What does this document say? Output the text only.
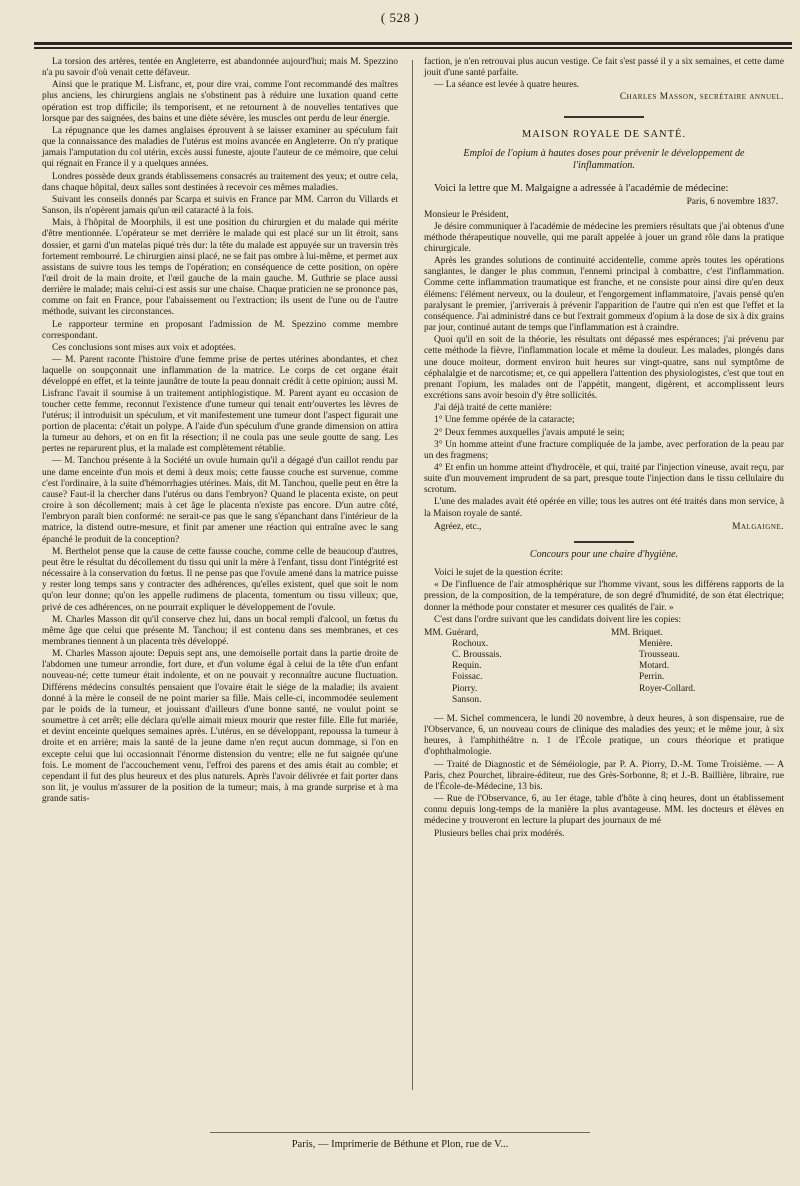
( 528 )

La torsion des artères, tentée en Angleterre, est abandonnée aujourd'hui; mais M. Spezzino n'a pu savoir d'où venait cette défaveur.

Ainsi que le pratique M. Lisfranc, et, pour dire vrai, comme l'ont recommandé des maîtres plus anciens, les chirurgiens anglais ne s'obstinent pas à réduire une luxation quand cette opération est trop difficile; ils temporisent, et ne retournent à de nouvelles tentatives que lorsque par des saignées, des bains et une diète sévère, les muscles ont perdu de leur énergie.

La répugnance que les dames anglaises éprouvent à se laisser examiner au spéculum fait que la connaissance des maladies de l'utérus est moins avancée en Angleterre. On n'y pratique jamais l'amputation du col utérin, excès aussi funeste, ajoute l'auteur de ce mémoire, que celui qui régnait en France il y a quelques années.

Londres possède deux grands établissemens consacrés au traitement des yeux; et outre cela, dans chaque hôpital, deux salles sont destinées à recevoir ces mêmes maladies.

Suivant les conseils donnés par Scarpa et suivis en France par MM. Carron du Villards et Sanson, ils n'opèrent jamais qu'un œil cataracté à la fois.

Mais, à l'hôpital de Moorphils, il est une position du chirurgien et du malade qui mérite d'être mentionnée. L'opérateur se met derrière le malade qui est placé sur un lit étroit, sans dossier, et garni d'un matelas piqué très dur: la tête du malade est appuyée sur un traversin très fortement rembourré. Le chirurgien ainsi placé, ne se fait pas ombre à lui-même, et permet aux assistans de suivre tous les temps de l'opération; en conséquence de cette position, on opère l'œil droit de la main droite, et l'œil gauche de la main gauche. M. Guthrie se place aussi derrière le malade; mais celui-ci est assis sur une chaise. Chaque praticien ne se prononce pas, comme on fait en France, pour l'abaissement ou l'extraction; ils usent de l'une ou de l'autre méthode, suivant les circonstances.

Le rapporteur termine en proposant l'admission de M. Spezzino comme membre correspondant.

Ces conclusions sont mises aux voix et adoptées.

— M. Parent raconte l'histoire d'une femme prise de pertes utérines abondantes, et chez laquelle on soupçonnait une inflammation de la matrice. Le corps de cet organe était développé en effet, et la teinte jaunâtre de toute la peau donnait crédit à cette opinion; aussi M. Lisfranc l'avait il soumise à un traitement antiphlogistique. M. Parent ayant eu occasion de toucher cette femme, reconnut l'existence d'une tumeur qui tenait entr'ouvertes les lèvres de l'utérus; il introduisit un spéculum, et vit manifestement une tumeur dont l'aspect figurait une portion de placenta: c'était un polype. A l'aide d'un spéculum d'une grande dimension on attira la tumeur au dehors, et on en fit la résection; il ne coula pas une seule goutte de sang. Les pertes ne reparurent plus, et la malade est complètement rétablie.

— M. Tanchou présente à la Société un ovule humain qu'il a dégagé d'un caillot rendu par une dame enceinte d'un mois et demi à deux mois; cette fausse couche est survenue, comme c'est l'ordinaire, à la suite d'hémorrhagies utérines. Mais, dit M. Tanchou, quelle peut en être la cause? Faut-il la chercher dans l'utérus ou dans l'embryon? Quand le placenta existe, on peut croire à son décollement; mais à cet âge le placenta n'existe pas encore. D'un autre côté, l'embryon paraît bien conformé: ne serait-ce pas que le sang s'épanchant dans l'intérieur de la matrice, la distend outre-mesure, et finit par amener une réaction qui entraîne avec le sang épanché le produit de la conception?

M. Berthelot pense que la cause de cette fausse couche, comme celle de beaucoup d'autres, peut être le résultat du décollement du tissu qui unit la mère à l'enfant, tissu dont l'intégrité est nécessaire à la conservation du fœtus. Il ne pense pas que l'ovule amené dans la matrice puisse y rester long temps sans y contracter des adhérences, qu'elles existent, quel que soit le nom qu'on leur donne; qu'on les appelle rudimens de placenta, tomentum ou tissu villeux; que, privé de ces adhérences, on ne pourrait expliquer le développement de l'ovule.

M. Charles Masson dit qu'il conserve chez lui, dans un bocal rempli d'alcool, un fœtus du même âge que celui que présente M. Tanchou; il est contenu dans ses membranes, et ces membranes tiennent à un placenta très développé.

M. Charles Masson ajoute: Depuis sept ans, une demoiselle portait dans la partie droite de l'abdomen une tumeur arrondie, fort dure, et d'un volume égal à celui de la tête d'un enfant nouveau-né; cette tumeur était indolente, et on ne pouvait y reconnaître aucune fluctuation. Différens médecins consultés pensaient que l'ovaire était le siége de la maladie; ils avaient donné à la mère le conseil de ne point marier sa fille. Mais celle-ci, incommodée seulement par le poids de la tumeur, et jouissant d'ailleurs d'une bonne santé, ne voulut point se soumettre à cet arrêt; elle déclara qu'elle aimait mieux mourir que rester fille. Elle fut mariée, et devint enceinte quelques semaines après. L'utérus, en se développant, repoussa la tumeur à droite et en arrière; mais la santé de la jeune dame n'en reçut aucun dommage, si l'on en excepte celui que lui occasionnait l'énorme distension du ventre; elle ne fut saignée qu'une fois. Le moment de l'accouchement venu, l'effroi des parens et des amis était au comble; et cependant il fut des plus heureux et des plus naturels. Après l'avoir délivrée et fait porter dans son lit, je voulus m'assurer de la position de la tumeur; mais, à ma grande surprise et à ma grande satis-

faction, je n'en retrouvai plus aucun vestige. Ce fait s'est passé il y a six semaines, et cette dame jouit d'une santé parfaite.

— La séance est levée à quatre heures.

Charles Masson, secrétaire annuel.

MAISON ROYALE DE SANTÉ.

Emploi de l'opium à hautes doses pour prévenir le développement de l'inflammation.

Voici la lettre que M. Malgaigne a adressée à l'académie de médecine:

Paris, 6 novembre 1837.

Monsieur le Président,

Je désire communiquer à l'académie de médecine les premiers résultats que j'ai obtenus d'une méthode thérapeutique nouvelle, qui me paraît appelée à jouer un grand rôle dans la pratique chirurgicale.

Après les grandes solutions de continuité accidentelle, comme après toutes les opérations sanglantes, le danger le plus commun, l'ennemi principal à combattre, c'est l'inflammation. Comme cette inflammation traumatique est franche, et ne consiste pour ainsi dire qu'en deux élémens: l'élément nerveux, ou la douleur, et l'engorgement inflammatoire, j'avais pensé qu'en paralysant le premier, j'arriverais à prévenir l'apparition de l'autre qui n'en est que l'effet et la conséquence. J'ai administré dans ce but l'extrait gommeux d'opium à la dose de six à dix grains par jour, continué autant de temps que l'inflammation est à craindre.

Quoi qu'il en soit de la théorie, les résultats ont dépassé mes espérances; j'ai prévenu par cette méthode la fièvre, l'inflammation locale et même la douleur. Les malades, plongés dans une douce moiteur, dorment environ huit heures sur vingt-quatre, sans nul symptôme de céphalalgie et de narcotisme; et, ce qui appellera l'attention des physiologistes, c'est que tout en prenant l'opium, les malades ont de l'appétit, mangent, digèrent, et accomplissent leurs excrétions sans avoir besoin d'y être sollicités.

J'ai déjà traité de cette manière:

1° Une femme opérée de la cataracte;

2° Deux femmes auxquelles j'avais amputé le sein;

3° Un homme atteint d'une fracture compliquée de la jambe, avec perforation de la peau par un des fragmens;

4° Et enfin un homme atteint d'hydrocèle, et qui, traité par l'injection vineuse, avait reçu, par suite d'un mouvement imprudent de sa part, presque toute l'injection dans le tissu cellulaire du scrotum.

L'une des malades avait été opérée en ville; tous les autres ont été traités dans mon service, à la Maison royale de santé.

Agréez, etc.,	Malgaigne.

Concours pour une chaire d'hygiène.

Voici le sujet de la question écrite:

« De l'influence de l'air atmosphérique sur l'homme vivant, sous les différens rapports de la pression, de la composition, de la température, de son degré d'humidité, de son état électrique; donner la méthode pour constater et mesurer ces qualités de l'air. »

C'est dans l'ordre suivant que les candidats doivent lire les copies:

MM. Guérard,
Rochoux.
C. Broussais.
Requin.
Foissac.
Piorry.
Sanson.
MM. Briquet.
Menière.
Trousseau.
Motard.
Perrin.
Royer-Collard.

— M. Sichel commencera, le lundi 20 novembre, à deux heures, à son dispensaire, rue de l'Observance, 6, un nouveau cours de clinique des maladies des yeux; et le même jour, à six heures, à l'amphithéâtre n. 1 de l'École pratique, un cours théorique et pratique d'ophthalmologie.

— Traité de Diagnostic et de Séméiologie, par P. A. Piorry, D.-M. Tome Troisième. — A Paris, chez Pourchet, libraire-éditeur, rue des Grès-Sorbonne, 8; et J.-B. Baillière, libraire, rue de l'École-de-Médecine, 13 bis.

— Rue de l'Observance, 6, au 1er étage, table d'hôte à cinq heures, dont un établissement connu depuis long-temps de la manière la plus avantageuse. MM. les docteurs et élèves en médecine y trouveront en lecture la plupart des journaux de mé

Plusieurs belles chai prix modérés.

Paris, — Imprimerie de Béthune et Plon, rue de V...
